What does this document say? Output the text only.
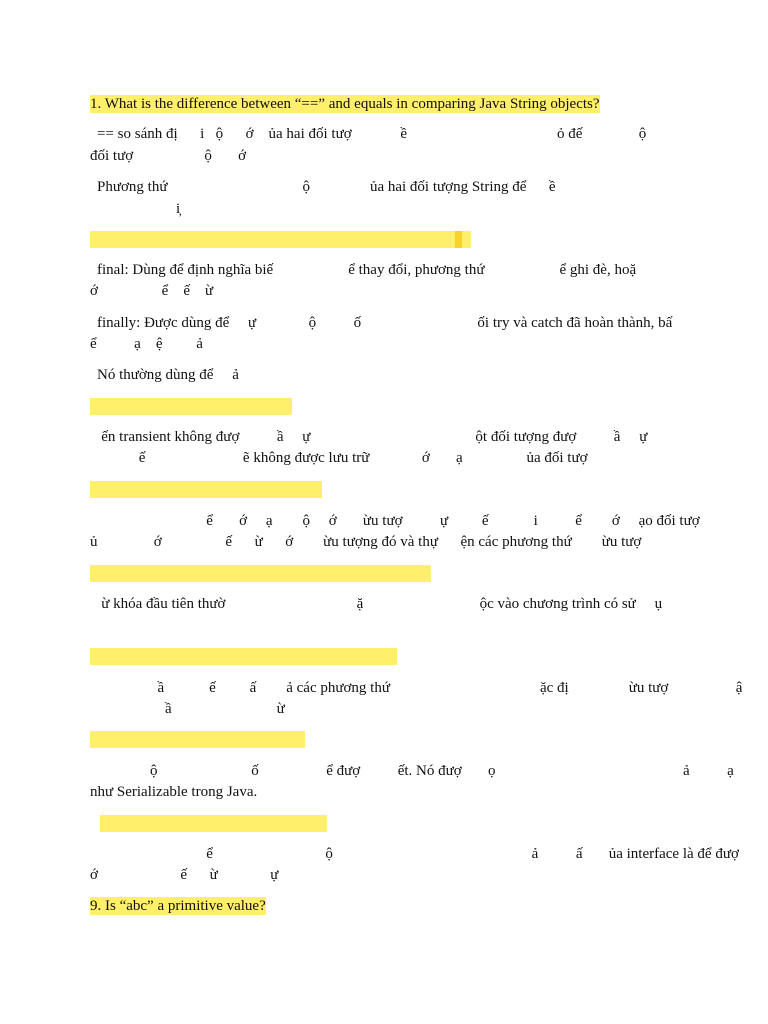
1. What is the difference between “==” and equals in comparing Java String objects?
== so sánh đị      i   ộ      ớ    ủa hai đối tượ             ề                                        ỏ đế               ộ
đối tượ                   ộ       ớ
Phương thứ                                    ộ                ủa hai đối tượng String để      ề
i̦
final: Dùng để định nghĩa biế                    ể thay đổi, phương thứ                    ể ghi đè, hoặ
ớ                 ể    ế    ừ
finally: Được dùng để     ự              ộ          ố                               ối try và catch đã hoàn thành, bấ
ể          ạ    ệ         ả
Nó thường dùng để     ả
ến transient không đượ          ầ     ự                                            ột đối tượng đượ          ầ     ự
ế                          ẽ không được lưu trữ              ớ       ạ                 ủa đối tượ
ể       ớ     ạ        ộ     ớ       ừu tượ          ự         ế            i          ể        ớ     ạo đối tượ
ủ               ớ                 ế      ừ      ớ        ừu tượng đó và thự      ện các phương thứ        ừu tượ
ừ khóa đầu tiên thườ                                   ặ                               ộc vào chương trình có sử     ụ
ầ            ế         ấ        ả các phương thứ                                        ặc đị                ừu tượ                  ậ
ầ                            ừ
ộ                         ố                  ể đượ          ết. Nó đượ       ọ                                                  ả          ạ
như Serializable trong Java.
ể                              ộ                                                     ả          ấ       ủa interface là để đượ
ớ                      ế      ừ              ự
9. Is “abc” a primitive value?
